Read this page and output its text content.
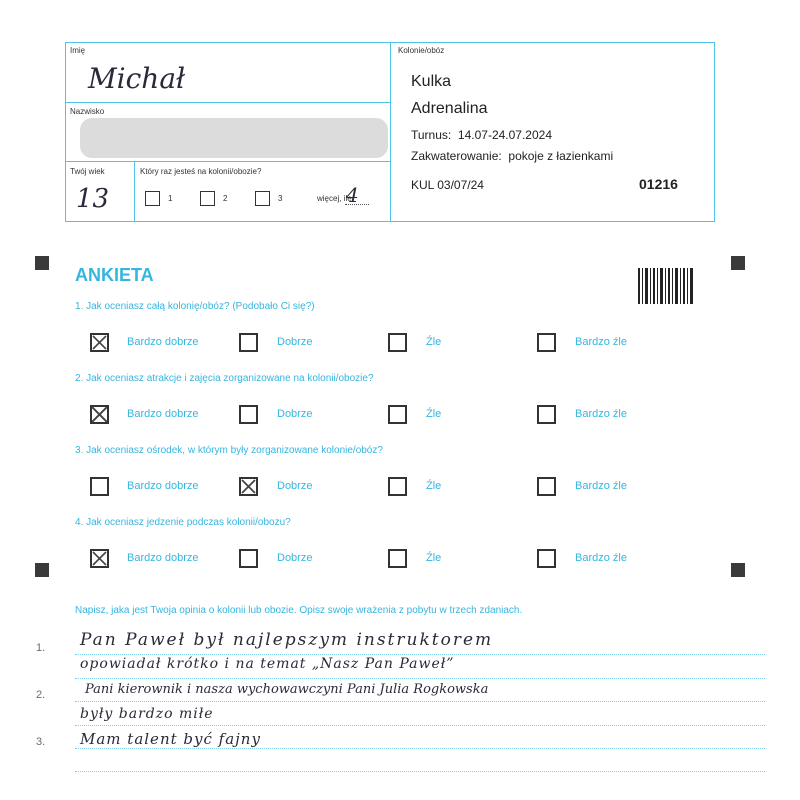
Imię
Michał
Nazwisko
Twój wiek
13
Który raz jesteś na kolonii/obozie?
1	2	3	więcej, ile
4
Kolonie/obóz
Kulka
Adrenalina
Turnus: 14.07-24.07.2024
Zakwaterowanie: pokoje z łazienkami
KUL 03/07/24	01216
ANKIETA
1. Jak oceniasz całą kolonię/obóz? (Podobało Ci się?)
2. Jak oceniasz atrakcje i zajęcia zorganizowane na kolonii/obozie?
3. Jak oceniasz ośrodek, w którym były zorganizowane kolonie/obóz?
4. Jak oceniasz jedzenie podczas kolonii/obozu?
Bardzo dobrze	Dobrze	Źle	Bardzo źle
Bardzo dobrze	Dobrze	Źle	Bardzo źle
Bardzo dobrze	Dobrze	Źle	Bardzo źle
Bardzo dobrze	Dobrze	Źle	Bardzo źle
Napisz, jaka jest Twoja opinia o kolonii lub obozie. Opisz swoje wrażenia z pobytu w trzech zdaniach.
1.
2.
3.
Pan Paweł był najlepszym instruktorem
opowiadał krótko i na temat „Nasz Pan Paweł”
Pani kierownik i nasza wychowawczyni Pani Julia Rogkowska
były bardzo miłe
Mam talent być fajny
